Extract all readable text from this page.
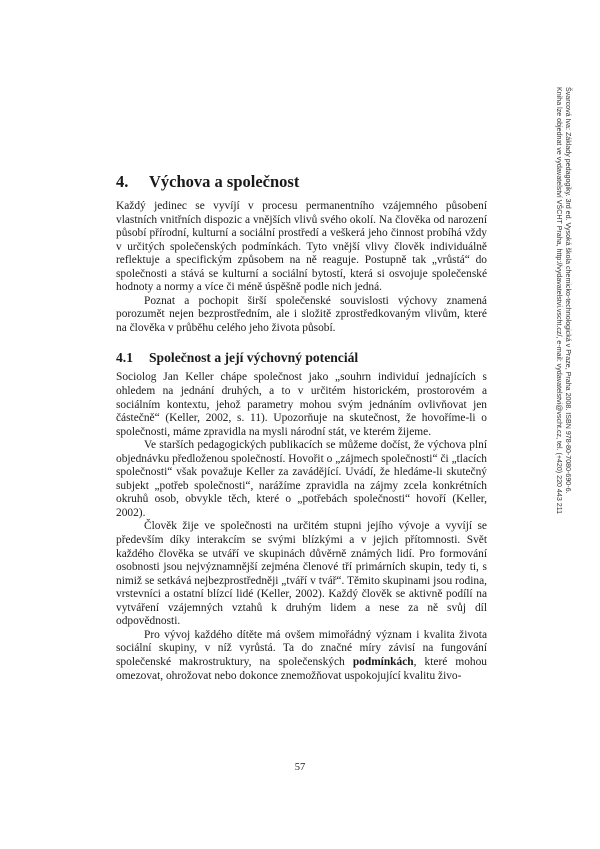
Švarcová Iva: Základy pedagogiky. 3rd ed. Vysoká škola chemicko-technologická v Praze, Praha 2008. ISBN 978-80-7080-690-6.
Kniha lze objednat ve vydavatelství VŠCHT Praha, http://vydavatelstvi.vscht.cz/, e-mail: vydavatelstvi@vscht.cz, tel. (+420) 220 443 211
4. Výchova a společnost

Každý jedinec se vyvíjí v procesu permanentního vzájemného působení vlastních vnitřních dispozic a vnějších vlivů svého okolí. Na člověka od narození působí přírodní, kulturní a sociální prostředí a veškerá jeho činnost probíhá vždy v určitých společenských podmínkách. Tyto vnější vlivy člověk individuálně reflektuje a specifickým způsobem na ně reaguje. Postupně tak „vrůstá“ do společnosti a stává se kulturní a sociální bytostí, která si osvojuje společenské hodnoty a normy a více či méně úspěšně podle nich jedná.

Poznat a pochopit širší společenské souvislosti výchovy znamená porozumět nejen bezprostředním, ale i složitě zprostředkovaným vlivům, které na člověka v průběhu celého jeho života působí.

4.1 Společnost a její výchovný potenciál

Sociolog Jan Keller chápe společnost jako „souhrn individuí jednajících s ohledem na jednání druhých, a to v určitém historickém, prostorovém a sociálním kontextu, jehož parametry mohou svým jednáním ovlivňovat jen částečně“ (Keller, 2002, s. 11). Upozorňuje na skutečnost, že hovoříme-li o společnosti, máme zpravidla na mysli národní stát, ve kterém žijeme.

Ve starších pedagogických publikacích se můžeme dočíst, že výchova plní objednávku předloženou společností. Hovořit o „zájmech společnosti“ či „tlacích společnosti“ však považuje Keller za zavádějící. Uvádí, že hledáme-li skutečný subjekt „potřeb společnosti“, narážíme zpravidla na zájmy zcela konkrétních okruhů osob, obvykle těch, které o „potřebách společnosti“ hovoří (Keller, 2002).

Člověk žije ve společnosti na určitém stupni jejího vývoje a vyvíjí se především díky interakcím se svými blízkými a v jejich přítomnosti. Svět každého člověka se utváří ve skupinách důvěrně známých lidí. Pro formování osobnosti jsou nejvýznamnější zejména členové tří primárních skupin, tedy ti, s nimiž se setkává nejbezprostředněji „tváří v tvář“. Těmito skupinami jsou rodina, vrstevníci a ostatní blízcí lidé (Keller, 2002). Každý člověk se aktivně podílí na vytváření vzájemných vztahů k druhým lidem a nese za ně svůj díl odpovědnosti.

Pro vývoj každého dítěte má ovšem mimořádný význam i kvalita života sociální skupiny, v níž vyrůstá. Ta do značné míry závisí na fungování společenské makrostruktury, na společenských podmínkách, které mohou omezovat, ohrožovat nebo dokonce znemožňovat uspokojující kvalitu živo-

57
